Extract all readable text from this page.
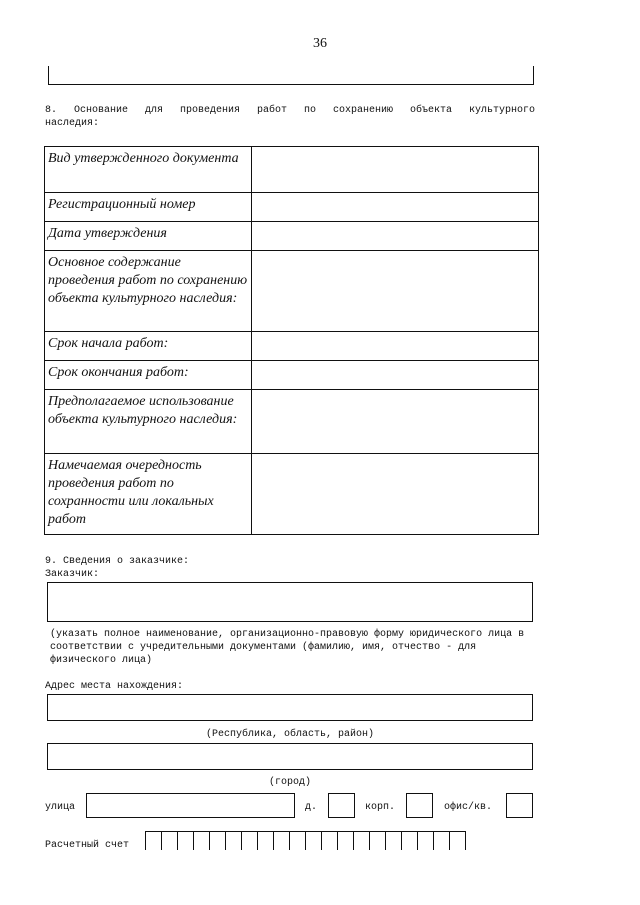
36
8. Основание для проведения работ по сохранению объекта культурного
наследия:
Вид утвержденного документа	
Регистрационный номер	
Дата утверждения	
Основное содержание проведения работ по сохранению объекта культурного наследия:	
Срок начала работ:	
Срок окончания работ:	
Предполагаемое использование объекта культурного наследия:	
Намечаемая очередность проведения работ по сохранности или локальных работ	
9. Сведения о заказчике:
Заказчик:
(указать полное наименование, организационно-правовую форму юридического лица в соответствии с учредительными документами (фамилию, имя, отчество - для физического лица)
Адрес места нахождения:
(Республика, область, район)
(город)
улица	д.	корп.	офис/кв.
Расчетный счет
